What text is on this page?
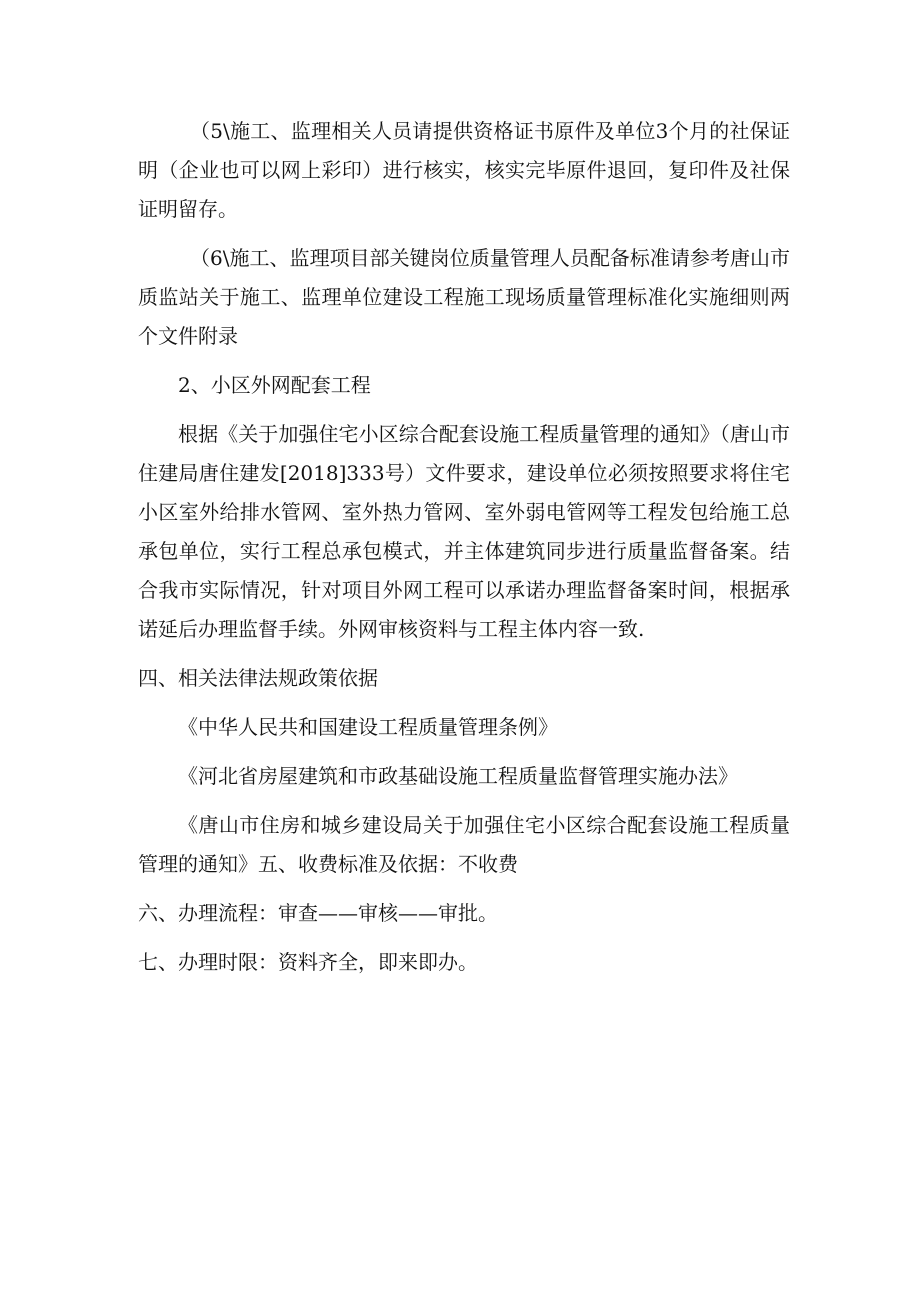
（5\施工、监理相关人员请提供资格证书原件及单位3个月的社保证明（企业也可以网上彩印）进行核实，核实完毕原件退回，复印件及社保证明留存。

（6\施工、监理项目部关键岗位质量管理人员配备标准请参考唐山市质监站关于施工、监理单位建设工程施工现场质量管理标准化实施细则两个文件附录

2、小区外网配套工程

根据《关于加强住宅小区综合配套设施工程质量管理的通知》（唐山市住建局唐住建发[2018]333号）文件要求，建设单位必须按照要求将住宅小区室外给排水管网、室外热力管网、室外弱电管网等工程发包给施工总承包单位，实行工程总承包模式，并主体建筑同步进行质量监督备案。结合我市实际情况，针对项目外网工程可以承诺办理监督备案时间，根据承诺延后办理监督手续。外网审核资料与工程主体内容一致.

四、相关法律法规政策依据

《中华人民共和国建设工程质量管理条例》

《河北省房屋建筑和市政基础设施工程质量监督管理实施办法》

《唐山市住房和城乡建设局关于加强住宅小区综合配套设施工程质量管理的通知》五、收费标准及依据：不收费

六、办理流程：审查——审核——审批。

七、办理时限：资料齐全，即来即办。
